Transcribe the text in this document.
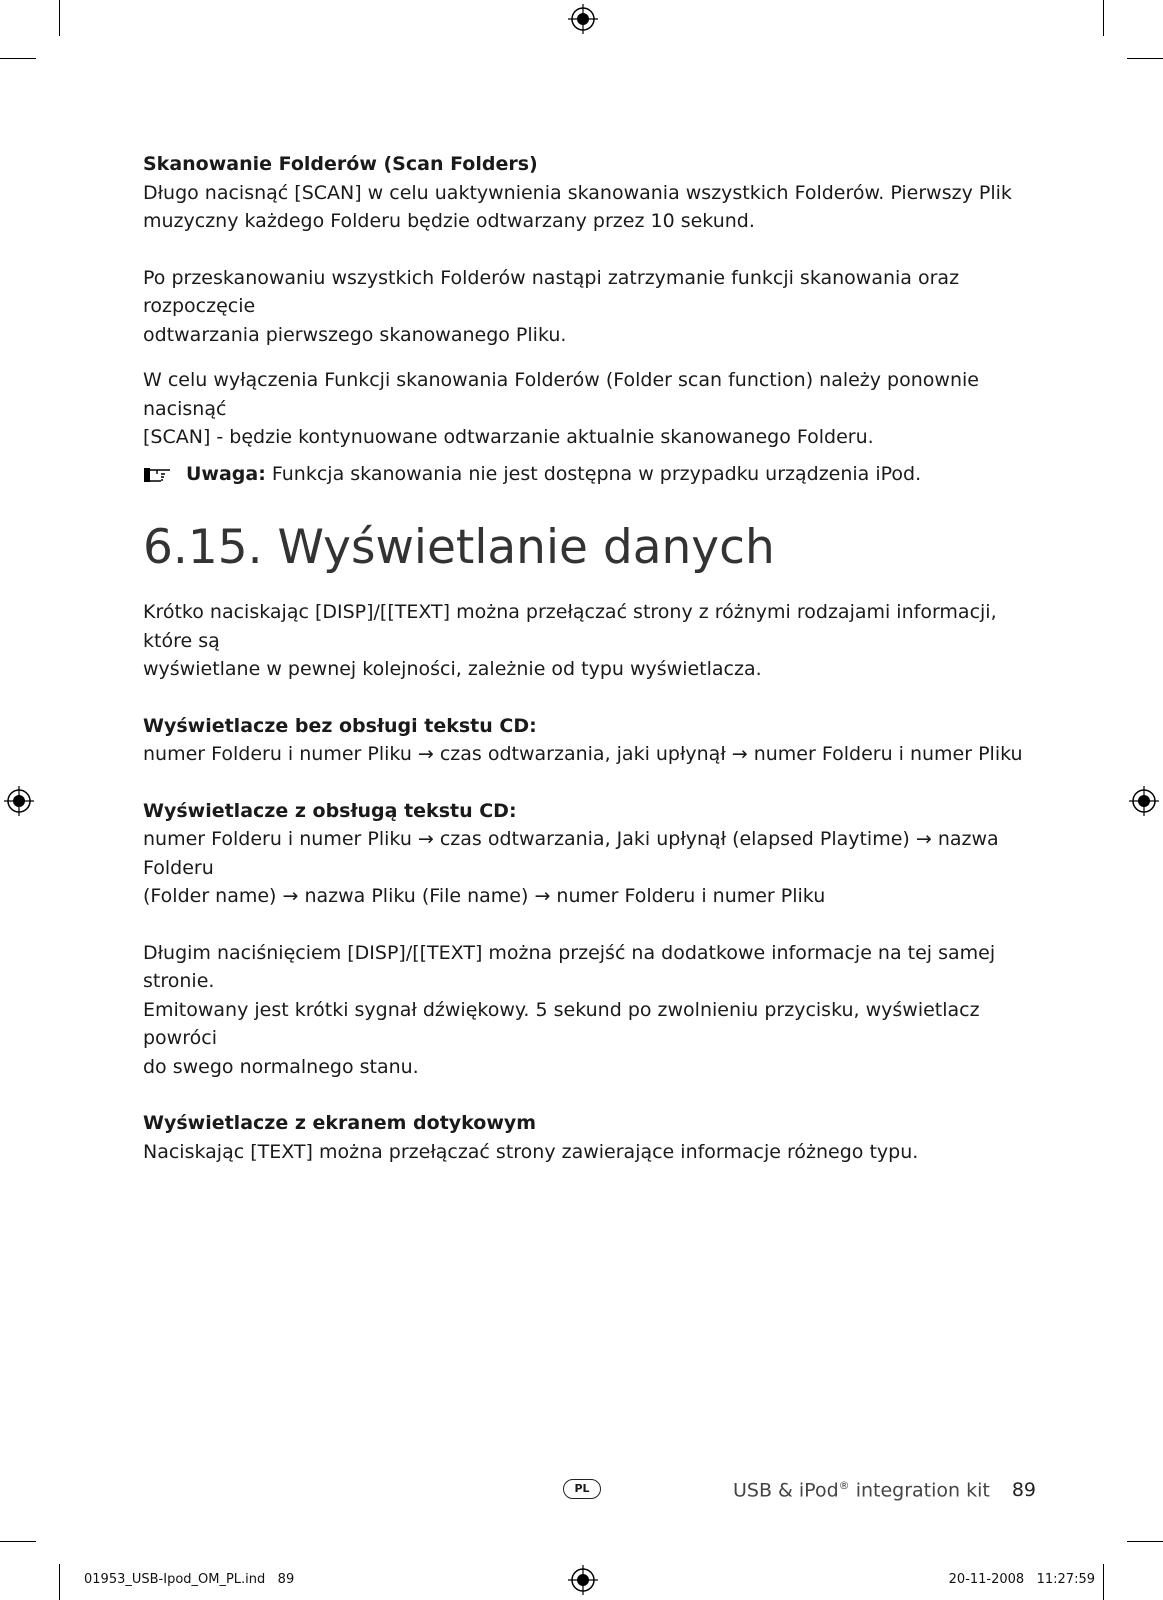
Skanowanie Folderów (Scan Folders)

Długo nacisnąć [SCAN] w celu uaktywnienia skanowania wszystkich Folderów. Pierwszy Plik

muzyczny każdego Folderu będzie odtwarzany przez 10 sekund.

Po przeskanowaniu wszystkich Folderów nastąpi zatrzymanie funkcji skanowania oraz rozpoczęcie

odtwarzania pierwszego skanowanego Pliku.

W celu wyłączenia Funkcji skanowania Folderów (Folder scan function) należy ponownie nacisnąć

[SCAN] - będzie kontynuowane odtwarzanie aktualnie skanowanego Folderu.

Uwaga: Funkcja skanowania nie jest dostępna w przypadku urządzenia iPod.
6.15. Wyświetlanie danych

Krótko naciskając [DISP]/[[TEXT] można przełączać strony z różnymi rodzajami informacji, które są

wyświetlane w pewnej kolejności, zależnie od typu wyświetlacza.

Wyświetlacze bez obsługi tekstu CD:

numer Folderu i numer Pliku → czas odtwarzania, jaki upłynął → numer Folderu i numer Pliku

Wyświetlacze z obsługą tekstu CD:

numer Folderu i numer Pliku → czas odtwarzania, Jaki upłynął (elapsed Playtime) → nazwa Folderu

(Folder name) → nazwa Pliku (File name) → numer Folderu i numer Pliku

Długim naciśnięciem [DISP]/[[TEXT] można przejść na dodatkowe informacje na tej samej stronie.

Emitowany jest krótki sygnał dźwiękowy. 5 sekund po zwolnieniu przycisku, wyświetlacz powróci

do swego normalnego stanu.

Wyświetlacze z ekranem dotykowym

Naciskając [TEXT] można przełączać strony zawierające informacje różnego typu.

PL	USB & iPod® integration kit 89
01953_USB-Ipod_OM_PL.ind   89	20-11-2008   11:27:59
